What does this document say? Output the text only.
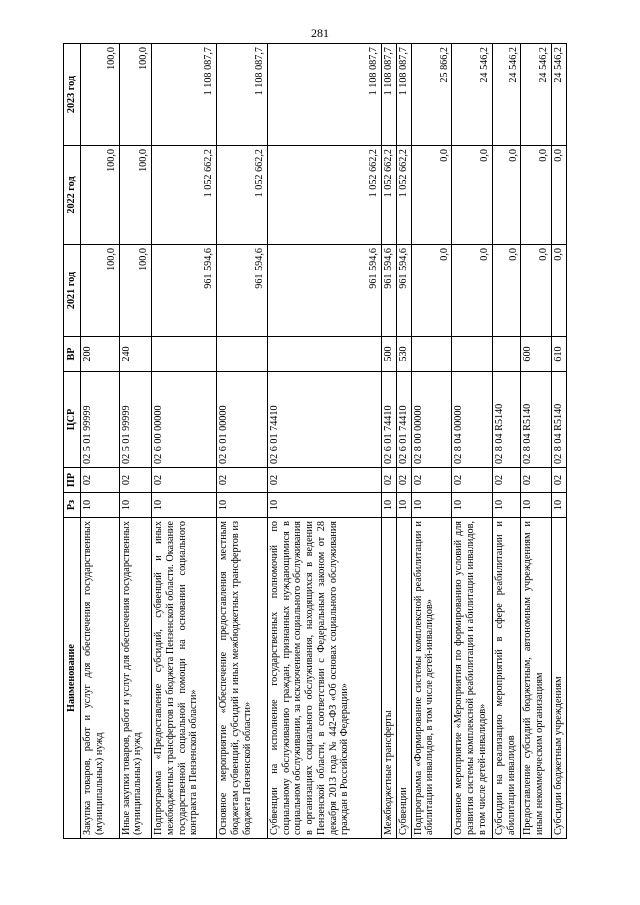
281
Наименование	Рз	ПР	ЦСР	ВР	2021 год	2022 год	2023 год
Закупка товаров, работ и услуг для обеспечения государственных (муниципальных) нужд	10	02	02 5 01 99999	200	100,0	100,0	100,0
Иные закупки товаров, работ и услуг для обеспечения государственных (муниципальных) нужд	10	02	02 5 01 99999	240	100,0	100,0	100,0
Подпрограмма «Предоставление субсидий, субвенций и иных межбюджетных трансфертов из бюджета Пензенской области. Оказание государственной социальной помощи на основании социального контракта в Пензенской области»	10	02	02 6 00 00000		961 594,6	1 052 662,2	1 108 087,7
Основное мероприятие «Обеспечение предоставления местным бюджетам субвенций, субсидий и иных межбюджетных трансфертов из бюджета Пензенской области»	10	02	02 6 01 00000		961 594,6	1 052 662,2	1 108 087,7
Субвенции на исполнение государственных полномочий по социальному обслуживанию граждан, признанных нуждающимися в социальном обслуживании, за исключением социального обслуживания в организациях социального обслуживания, находящихся в ведении Пензенской области, в соответствии с Федеральным законом от 28 декабря 2013 года № 442-ФЗ «Об основах социального обслуживания граждан в Российской Федерации»	10	02	02 6 01 74410		961 594,6	1 052 662,2	1 108 087,7
Межбюджетные трансферты	10	02	02 6 01 74410	500	961 594,6	1 052 662,2	1 108 087,7
Субвенции	10	02	02 6 01 74410	530	961 594,6	1 052 662,2	1 108 087,7
Подпрограмма «Формирование системы комплексной реабилитации и абилитации инвалидов, в том числе детей-инвалидов»	10	02	02 8 00 00000		0,0	0,0	25 866,2
Основное мероприятие «Мероприятия по формированию условий для развития системы комплексной реабилитации и абилитации инвалидов, в том числе детей-инвалидов»	10	02	02 8 04 00000		0,0	0,0	24 546,2
Субсидии на реализацию мероприятий в сфере реабилитации и абилитации инвалидов	10	02	02 8 04 R5140		0,0	0,0	24 546,2
Предоставление субсидий бюджетным, автономным учреждениям и иным некоммерческим организациям	10	02	02 8 04 R5140	600	0,0	0,0	24 546,2
Субсидии бюджетным учреждениям	10	02	02 8 04 R5140	610	0,0	0,0	24 546,2
